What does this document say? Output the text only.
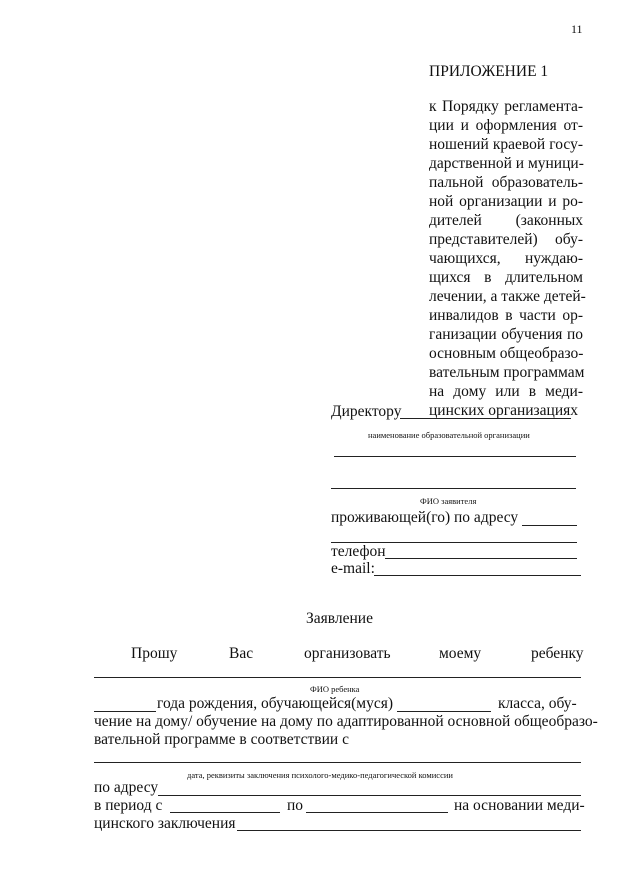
11
ПРИЛОЖЕНИЕ 1
к Порядку регламента-
ции и оформления от-
ношений краевой госу-
дарственной и муници-
пальной образователь-
ной организации и ро-
дителей (законных
представителей) обу-
чающихся, нуждаю-
щихся в длительном
лечении, а также детей-
инвалидов в части ор-
ганизации обучения по
основным общеобразо-
вательным программам
на дому или в меди-
цинских организациях
Директору
наименование образовательной организации
ФИО заявителя
проживающей(го) по адресу
телефон
e-mail:
Заявление
Прошу	Вас	организовать	моему	ребенку
ФИО ребенка
года рождения, обучающейся(муся)	класса, обу-
чение на дому/ обучение на дому по адаптированной основной общеобразо-
вательной программе в соответствии с
дата, реквизиты заключения психолого-медико-педагогической комиссии
по адресу
в период с	по	на основании меди-
цинского заключения
